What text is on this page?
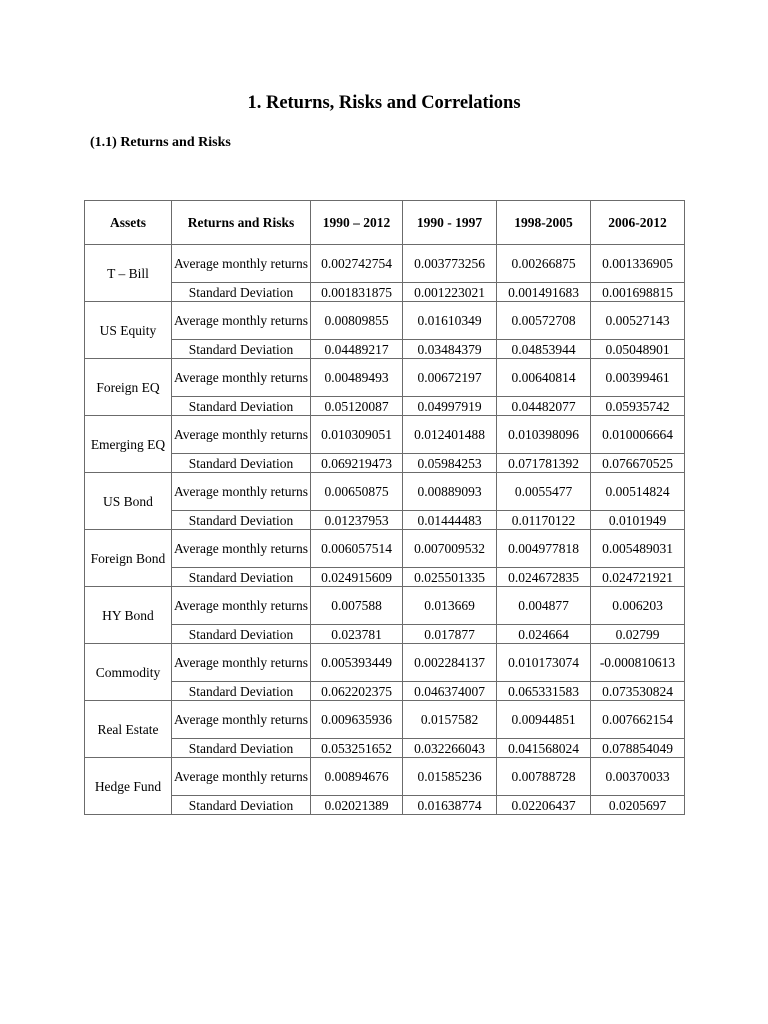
1. Returns, Risks and Correlations
(1.1) Returns and Risks
Assets	Returns and Risks	1990 – 2012	1990 - 1997	1998-2005	2006-2012
T – Bill	Average monthly returns	0.002742754	0.003773256	0.00266875	0.001336905
	Standard Deviation	0.001831875	0.001223021	0.001491683	0.001698815
US Equity	Average monthly returns	0.00809855	0.01610349	0.00572708	0.00527143
	Standard Deviation	0.04489217	0.03484379	0.04853944	0.05048901
Foreign EQ	Average monthly returns	0.00489493	0.00672197	0.00640814	0.00399461
	Standard Deviation	0.05120087	0.04997919	0.04482077	0.05935742
Emerging EQ	Average monthly returns	0.010309051	0.012401488	0.010398096	0.010006664
	Standard Deviation	0.069219473	0.05984253	0.071781392	0.076670525
US Bond	Average monthly returns	0.00650875	0.00889093	0.0055477	0.00514824
	Standard Deviation	0.01237953	0.01444483	0.01170122	0.0101949
Foreign Bond	Average monthly returns	0.006057514	0.007009532	0.004977818	0.005489031
	Standard Deviation	0.024915609	0.025501335	0.024672835	0.024721921
HY Bond	Average monthly returns	0.007588	0.013669	0.004877	0.006203
	Standard Deviation	0.023781	0.017877	0.024664	0.02799
Commodity	Average monthly returns	0.005393449	0.002284137	0.010173074	-0.000810613
	Standard Deviation	0.062202375	0.046374007	0.065331583	0.073530824
Real Estate	Average monthly returns	0.009635936	0.0157582	0.00944851	0.007662154
	Standard Deviation	0.053251652	0.032266043	0.041568024	0.078854049
Hedge Fund	Average monthly returns	0.00894676	0.01585236	0.00788728	0.00370033
	Standard Deviation	0.02021389	0.01638774	0.02206437	0.0205697
